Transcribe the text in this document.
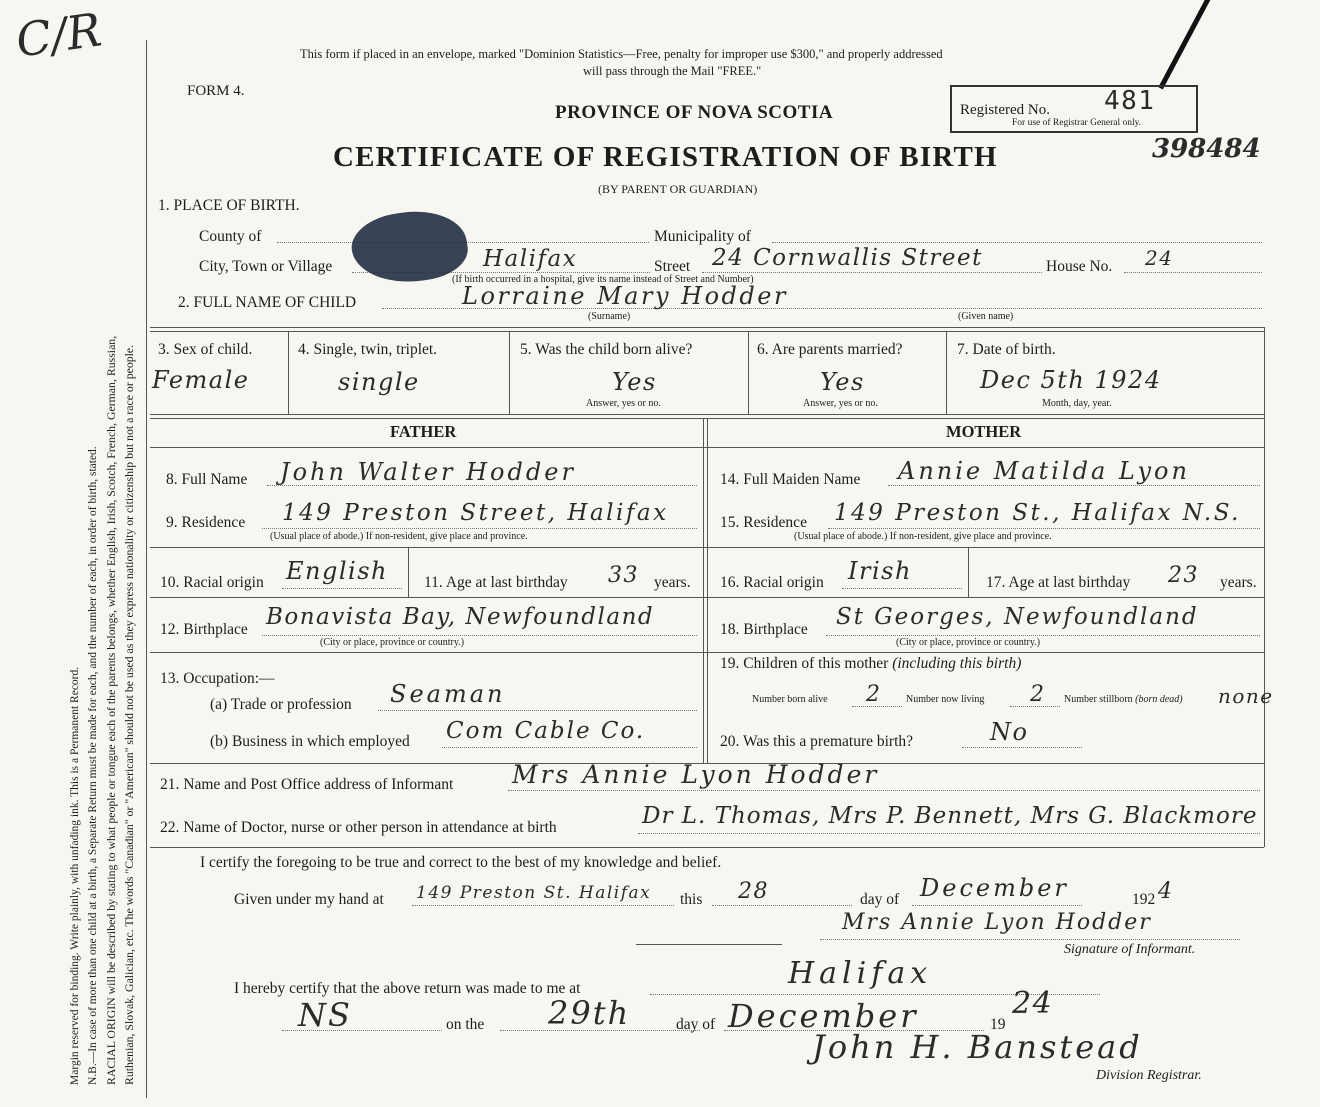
C/R
Margin reserved for binding. Write plainly, with unfading ink. This is a Permanent Record. N.B.—In case of more than one child at a birth, a Separate Return must be made for each, and the number of each, in order of birth, stated. RACIAL ORIGIN will be described by stating to what people or tongue each of the parents belongs, whether English, Irish, Scotch, French, German, Russian, Ruthenian, Slovak, Galician, etc. The words "Canadian" or "American" should not be used as they express nationality or citizenship but not a race or people.
This form if placed in an envelope, marked "Dominion Statistics—Free, penalty for improper use $300," and properly addressed
will pass through the Mail "FREE."
FORM 4.
PROVINCE OF NOVA SCOTIA
CERTIFICATE OF REGISTRATION OF BIRTH
(BY PARENT OR GUARDIAN)
Registered No. 481
For use of Registrar General only.
398484
1. PLACE OF BIRTH.
County of	Municipality of
City, Town or Village	Halifax	Street 24 Cornwallis Street	House No. 24
(If birth occurred in a hospital, give its name instead of Street and Number)
2. FULL NAME OF CHILD	Lorraine Mary Hodder
(Surname)	(Given name)
3. Sex of child.
Female
4. Single, twin, triplet.
single
5. Was the child born alive?
Yes
Answer, yes or no.
6. Are parents married?
Yes
Answer, yes or no.
7. Date of birth.
Dec 5th 1924
Month, day, year.
FATHER	MOTHER
8. Full Name John Walter Hodder
9. Residence 149 Preston Street, Halifax
(Usual place of abode.) If non-resident, give place and province.
10. Racial origin English 11. Age at last birthday 33 years.
12. Birthplace Bonavista Bay, Newfoundland
(City or place, province or country.)
13. Occupation:—
(a) Trade or profession Seaman
(b) Business in which employed Com Cable Co.
14. Full Maiden Name Annie Matilda Lyon
15. Residence 149 Preston St., Halifax N.S.
(Usual place of abode.) If non-resident, give place and province.
16. Racial origin Irish	17. Age at last birthday 23 years.
18. Birthplace St Georges, Newfoundland
(City or place, province or country.)
19. Children of this mother (including this birth)
Number born alive 2 Number now living 2 Number stillborn (born dead) none
20. Was this a premature birth?	No
21. Name and Post Office address of Informant Mrs Annie Lyon Hodder
22. Name of Doctor, nurse or other person in attendance at birth	Dr L. Thomas, Mrs P. Bennett, Mrs G. Blackmore
I certify the foregoing to be true and correct to the best of my knowledge and belief.
Given under my hand at 149 Preston St. Halifax this 28	day of December	192 4
Mrs Annie Lyon Hodder
Signature of Informant.
I hereby certify that the above return was made to me at	Halifax
NS	on the 29th	day of December	19
24
John H. Banstead
Division Registrar.
